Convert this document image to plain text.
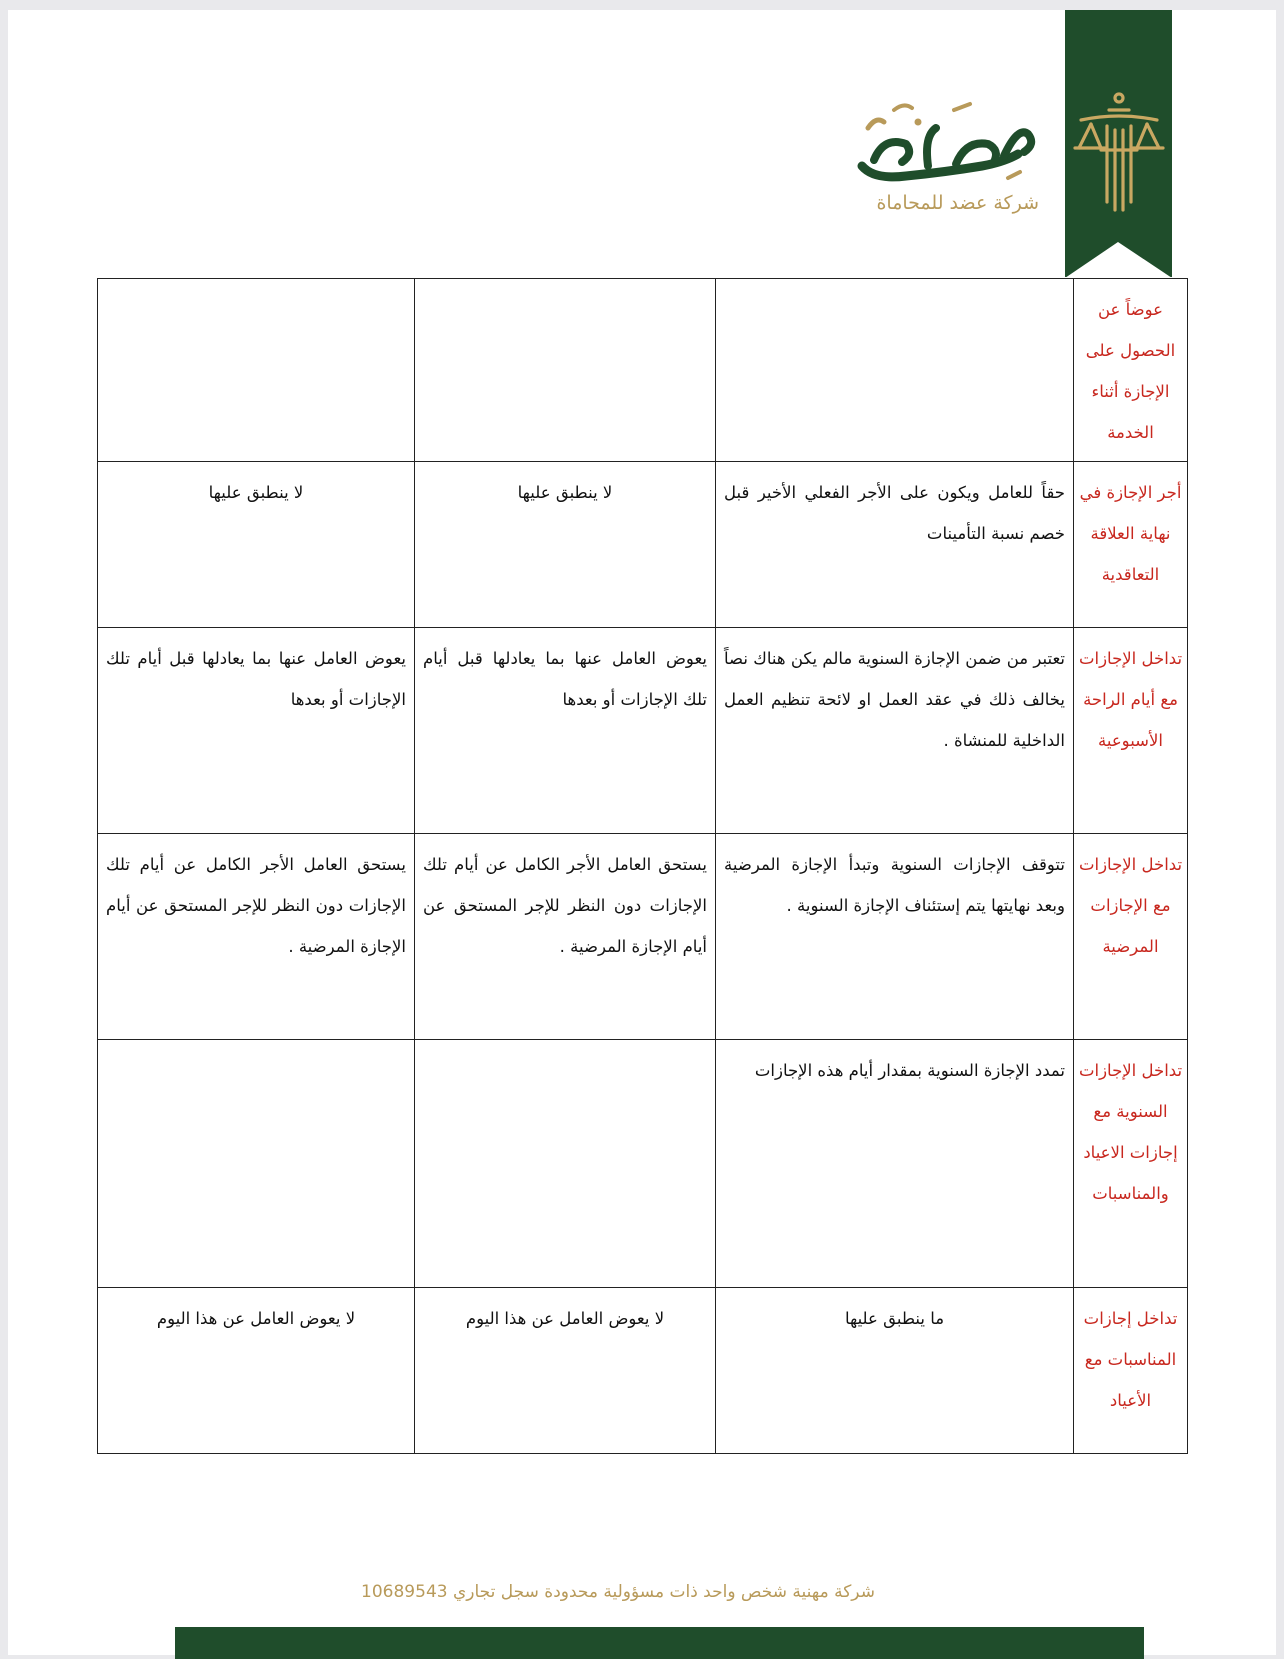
شركة عضد للمحاماة
عوضاً عن الحصول على الإجازة أثناء الخدمة			
أجر الإجازة في نهاية العلاقة التعاقدية	حقاً للعامل ويكون على الأجر الفعلي الأخير قبل خصم نسبة التأمينات	لا ينطبق عليها	لا ينطبق عليها
تداخل الإجازات مع أيام الراحة الأسبوعية	تعتبر من ضمن الإجازة السنوية مالم يكن هناك نصاً يخالف ذلك في عقد العمل او لائحة تنظيم العمل الداخلية للمنشاة .	يعوض العامل عنها بما يعادلها قبل أيام تلك الإجازات أو بعدها	يعوض العامل عنها بما يعادلها قبل أيام تلك الإجازات أو بعدها
تداخل الإجازات مع الإجازات المرضية	تتوقف الإجازات السنوية وتبدأ الإجازة المرضية وبعد نهايتها يتم إستئناف الإجازة السنوية .	يستحق العامل الأجر الكامل عن أيام تلك الإجازات دون النظر للإجر المستحق عن أيام الإجازة المرضية .	يستحق العامل الأجر الكامل عن أيام تلك الإجازات دون النظر للإجر المستحق عن أيام الإجازة المرضية .
تداخل الإجازات السنوية مع إجازات الاعياد والمناسبات	تمدد الإجازة السنوية بمقدار أيام هذه الإجازات		
تداخل إجازات المناسبات مع الأعياد	ما ينطبق عليها	لا يعوض العامل عن هذا اليوم	لا يعوض العامل عن هذا اليوم
شركة مهنية شخص واحد ذات مسؤولية محدودة سجل تجاري 10689543
